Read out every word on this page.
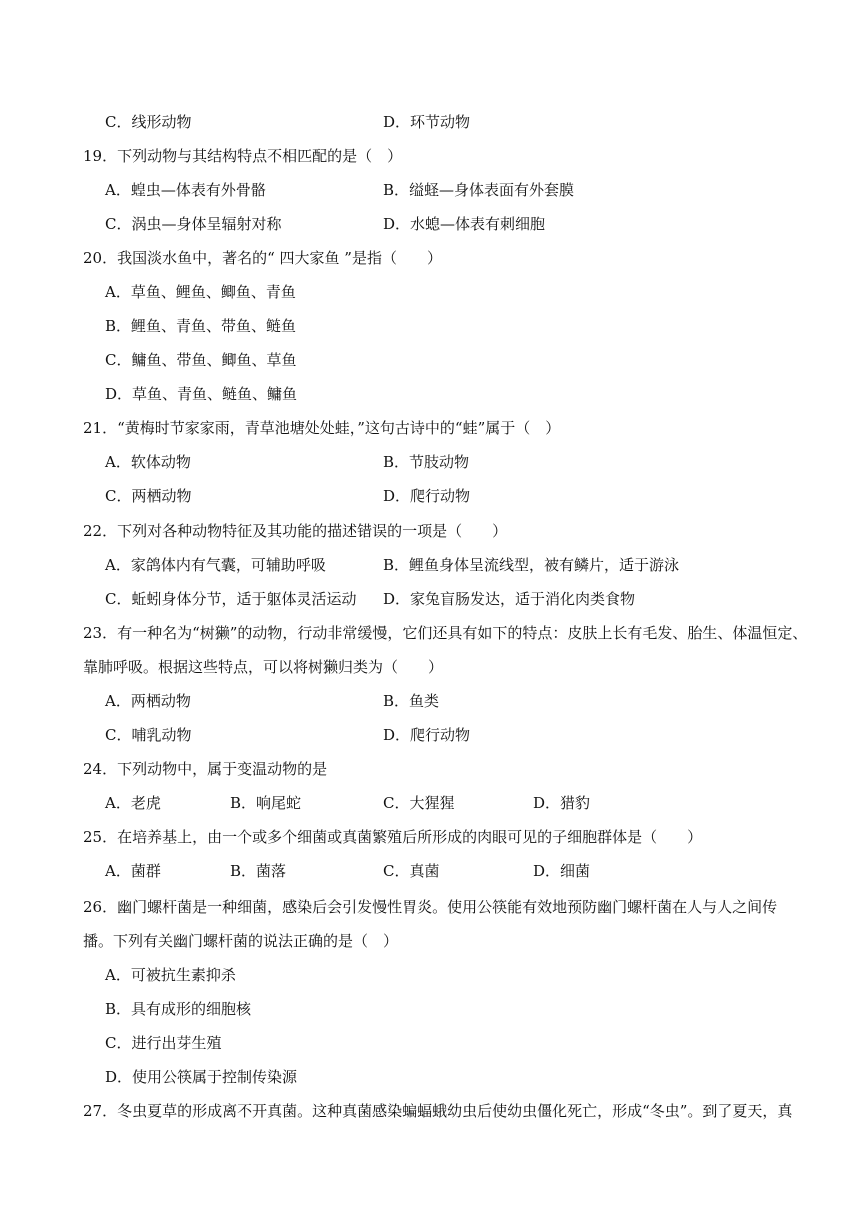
C．线形动物	D．环节动物
19．下列动物与其结构特点不相匹配的是（　）
A．蝗虫—体表有外骨骼	B．缢蛏—身体表面有外套膜
C．涡虫—身体呈辐射对称	D．水螅—体表有刺细胞
20．我国淡水鱼中，著名的“ 四大家鱼 ”是指（　　）
A．草鱼、鲤鱼、鲫鱼、青鱼
B．鲤鱼、青鱼、带鱼、鲢鱼
C．鳙鱼、带鱼、鲫鱼、草鱼
D．草鱼、青鱼、鲢鱼、鳙鱼
21．“黄梅时节家家雨，青草池塘处处蛙，”这句古诗中的“蛙”属于（　）
A．软体动物	B．节肢动物
C．两栖动物	D．爬行动物
22．下列对各种动物特征及其功能的描述错误的一项是（　　）
A．家鸽体内有气囊，可辅助呼吸	B．鲤鱼身体呈流线型，被有鳞片，适于游泳
C．蚯蚓身体分节，适于躯体灵活运动 D．家兔盲肠发达，适于消化肉类食物
23．有一种名为“树獭”的动物，行动非常缓慢，它们还具有如下的特点：皮肤上长有毛发、胎生、体温恒定、
靠肺呼吸。根据这些特点，可以将树獭归类为（　　）
A．两栖动物	B．鱼类
C．哺乳动物	D．爬行动物
24．下列动物中，属于变温动物的是
A．老虎	B．响尾蛇	C．大猩猩	D．猎豹
25．在培养基上，由一个或多个细菌或真菌繁殖后所形成的肉眼可见的子细胞群体是（　　）
A．菌群	B．菌落	C．真菌	D．细菌
26．幽门螺杆菌是一种细菌，感染后会引发慢性胃炎。使用公筷能有效地预防幽门螺杆菌在人与人之间传
播。下列有关幽门螺杆菌的说法正确的是（　）
A．可被抗生素抑杀
B．具有成形的细胞核
C．进行出芽生殖
D．使用公筷属于控制传染源
27．冬虫夏草的形成离不开真菌。这种真菌感染蝙蝠蛾幼虫后使幼虫僵化死亡，形成“冬虫”。到了夏天，真
